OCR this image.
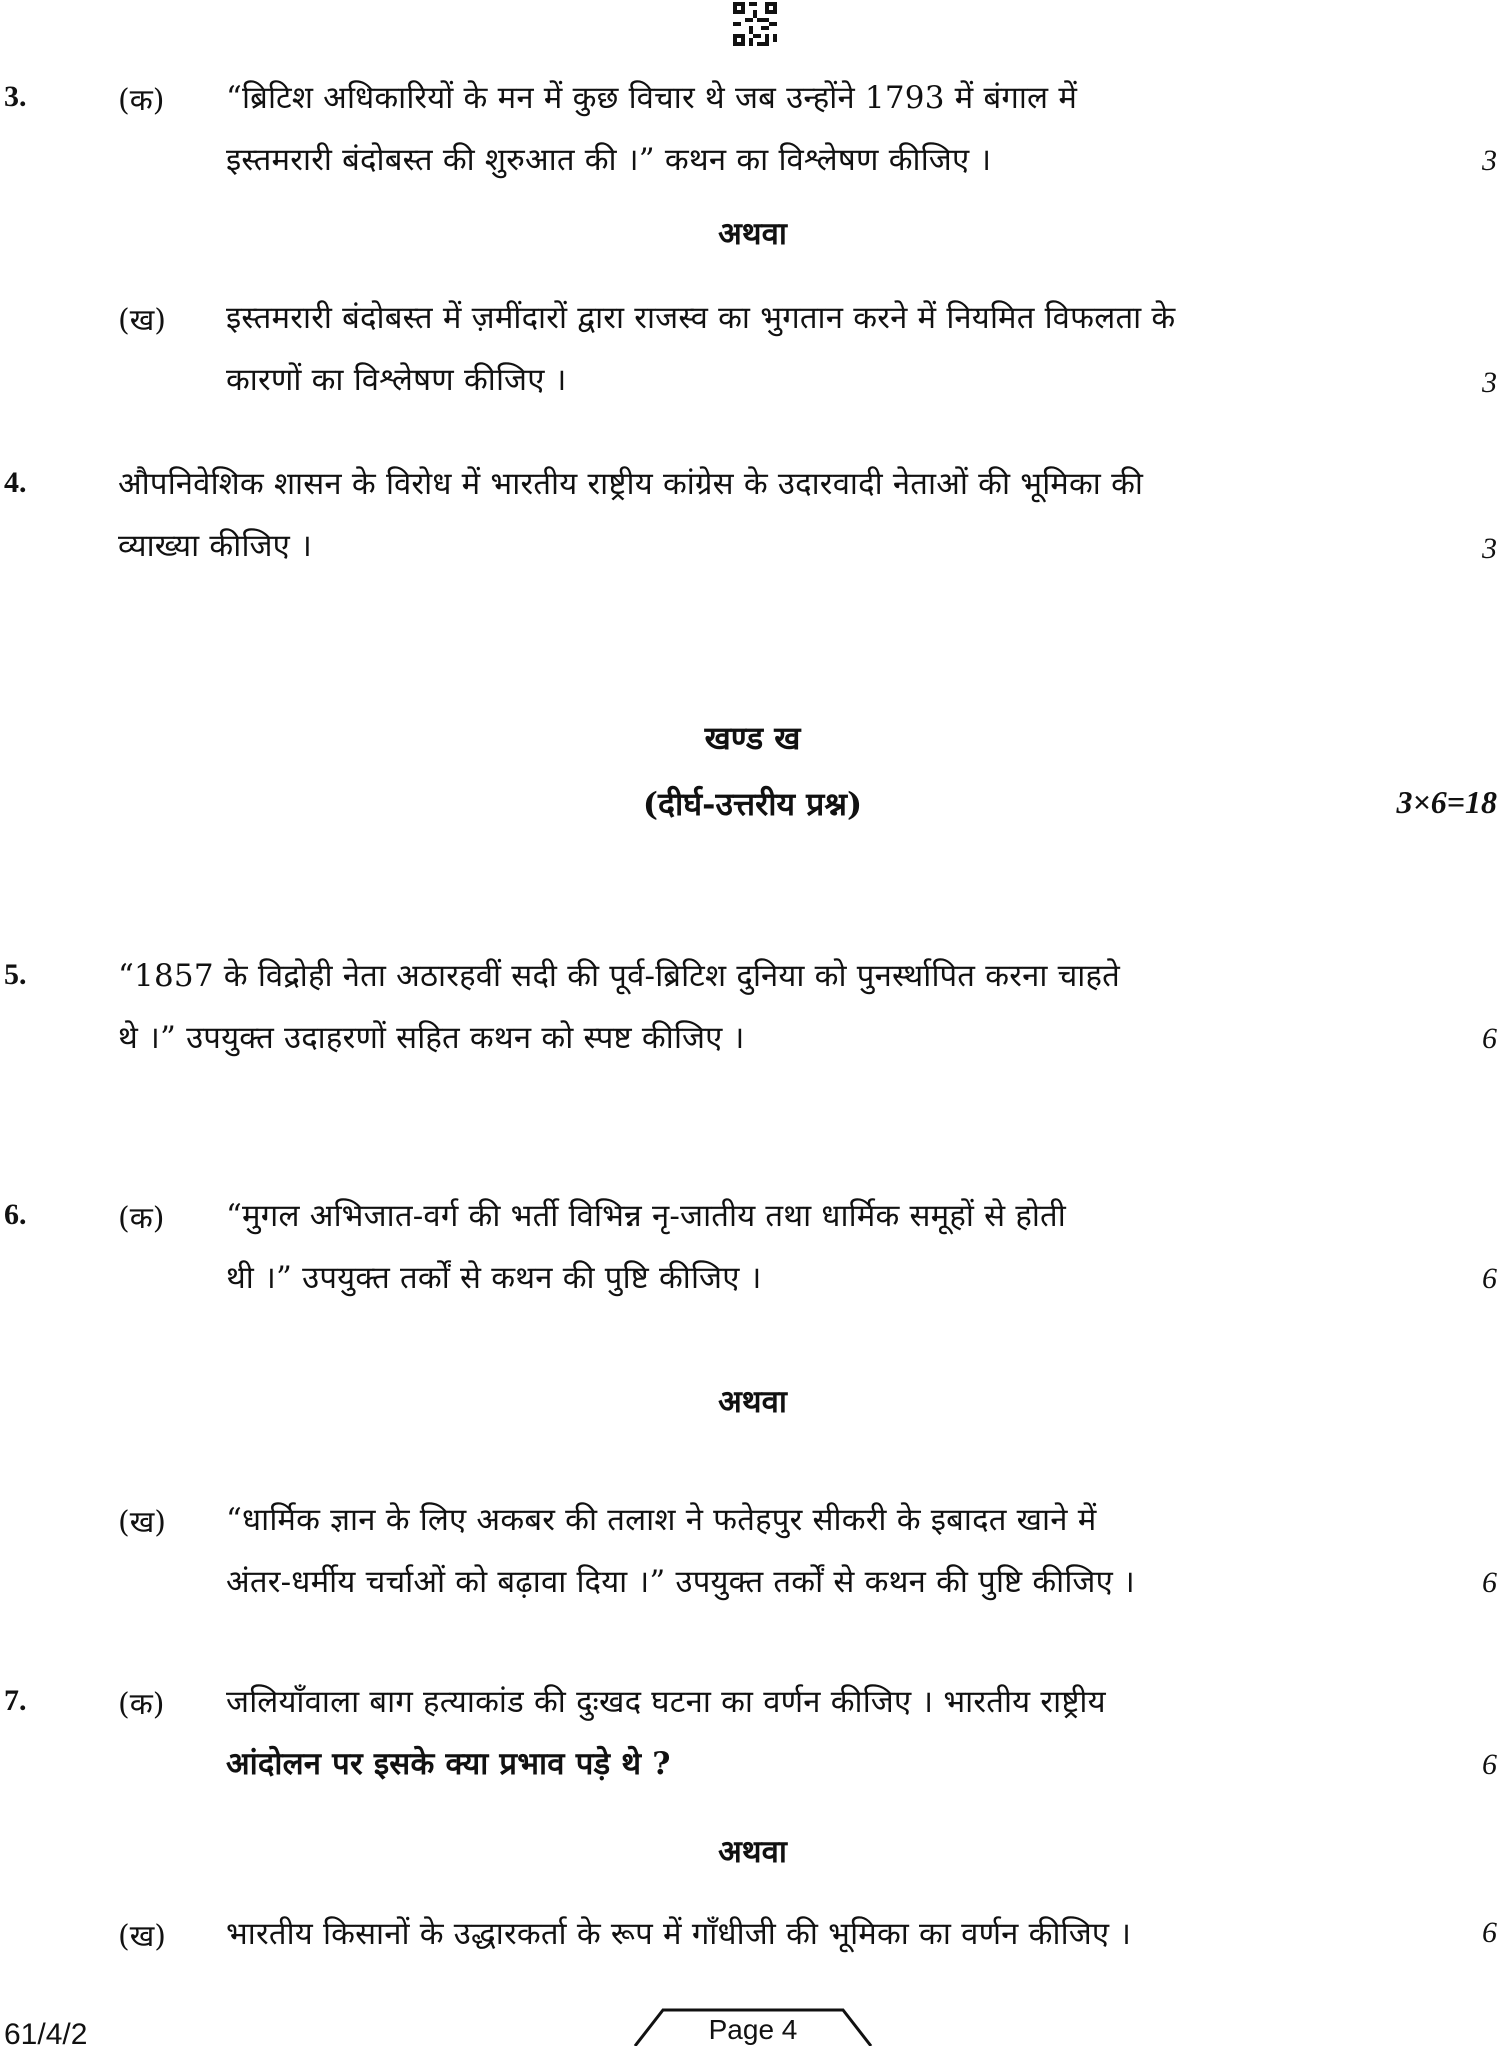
3.	(क) “ब्रिटिश अधिकारियों के मन में कुछ विचार थे जब उन्होंने 1793 में बंगाल में
इस्तमरारी बंदोबस्त की शुरुआत की ।” कथन का विश्लेषण कीजिए ।	3
अथवा
(ख) इस्तमरारी बंदोबस्त में ज़मींदारों द्वारा राजस्व का भुगतान करने में नियमित विफलता के
कारणों का विश्लेषण कीजिए ।	3
4.	औपनिवेशिक शासन के विरोध में भारतीय राष्ट्रीय कांग्रेस के उदारवादी नेताओं की भूमिका की
व्याख्या कीजिए ।	3
खण्ड ख
(दीर्घ-उत्तरीय प्रश्न)	3×6=18
5.	“1857 के विद्रोही नेता अठारहवीं सदी की पूर्व-ब्रिटिश दुनिया को पुनर्स्थापित करना चाहते
थे ।” उपयुक्त उदाहरणों सहित कथन को स्पष्ट कीजिए ।	6
6.	(क) “मुगल अभिजात-वर्ग की भर्ती विभिन्न नृ-जातीय तथा धार्मिक समूहों से होती
थी ।” उपयुक्त तर्कों से कथन की पुष्टि कीजिए ।	6
अथवा
(ख) “धार्मिक ज्ञान के लिए अकबर की तलाश ने फतेहपुर सीकरी के इबादत खाने में
अंतर-धर्मीय चर्चाओं को बढ़ावा दिया ।” उपयुक्त तर्कों से कथन की पुष्टि कीजिए ।	6
7.	(क) जलियाँवाला बाग हत्याकांड की दुःखद घटना का वर्णन कीजिए । भारतीय राष्ट्रीय
आंदोलन पर इसके क्या प्रभाव पड़े थे ?	6
अथवा
(ख) भारतीय किसानों के उद्धारकर्ता के रूप में गाँधीजी की भूमिका का वर्णन कीजिए ।	6
61/4/2	Page 4
